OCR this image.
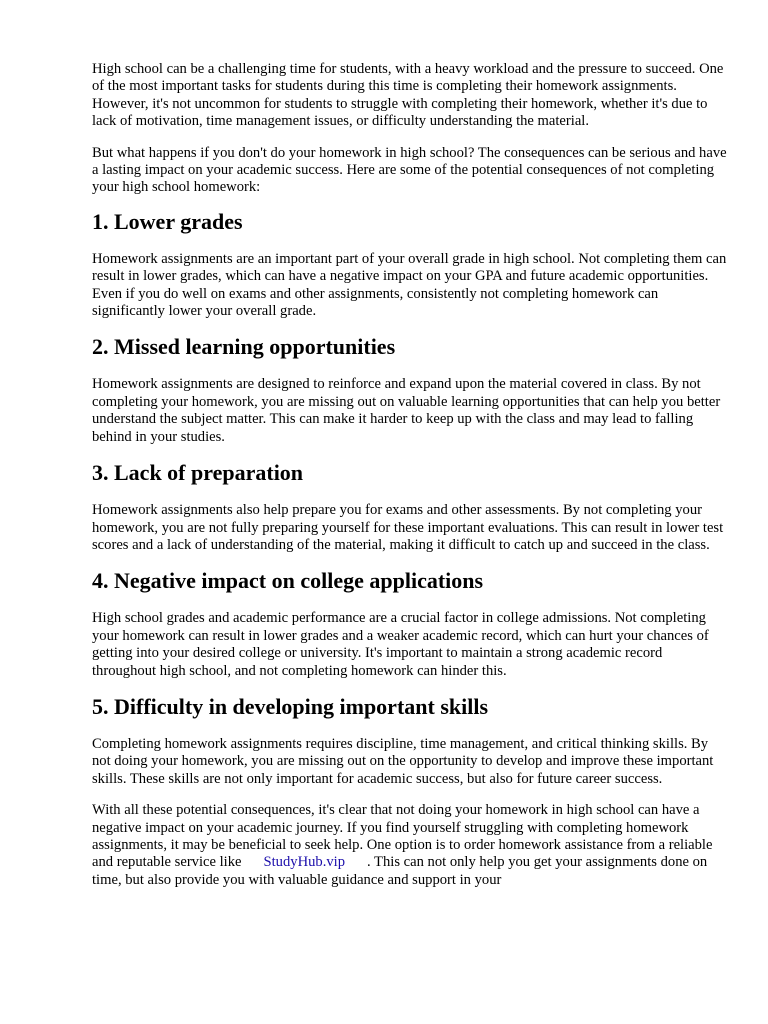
High school can be a challenging time for students, with a heavy workload and the pressure to succeed. One of the most important tasks for students during this time is completing their homework assignments. However, it's not uncommon for students to struggle with completing their homework, whether it's due to lack of motivation, time management issues, or difficulty understanding the material.

But what happens if you don't do your homework in high school? The consequences can be serious and have a lasting impact on your academic success. Here are some of the potential consequences of not completing your high school homework:

1. Lower grades

Homework assignments are an important part of your overall grade in high school. Not completing them can result in lower grades, which can have a negative impact on your GPA and future academic opportunities. Even if you do well on exams and other assignments, consistently not completing homework can significantly lower your overall grade.

2. Missed learning opportunities

Homework assignments are designed to reinforce and expand upon the material covered in class. By not completing your homework, you are missing out on valuable learning opportunities that can help you better understand the subject matter. This can make it harder to keep up with the class and may lead to falling behind in your studies.

3. Lack of preparation

Homework assignments also help prepare you for exams and other assessments. By not completing your homework, you are not fully preparing yourself for these important evaluations. This can result in lower test scores and a lack of understanding of the material, making it difficult to catch up and succeed in the class.

4. Negative impact on college applications

High school grades and academic performance are a crucial factor in college admissions. Not completing your homework can result in lower grades and a weaker academic record, which can hurt your chances of getting into your desired college or university. It's important to maintain a strong academic record throughout high school, and not completing homework can hinder this.

5. Difficulty in developing important skills

Completing homework assignments requires discipline, time management, and critical thinking skills. By not doing your homework, you are missing out on the opportunity to develop and improve these important skills. These skills are not only important for academic success, but also for future career success.

With all these potential consequences, it's clear that not doing your homework in high school can have a negative impact on your academic journey. If you find yourself struggling with completing homework assignments, it may be beneficial to seek help. One option is to order homework assistance from a reliable and reputable service like StudyHub.vip . This can not only help you get your assignments done on time, but also provide you with valuable guidance and support in your
